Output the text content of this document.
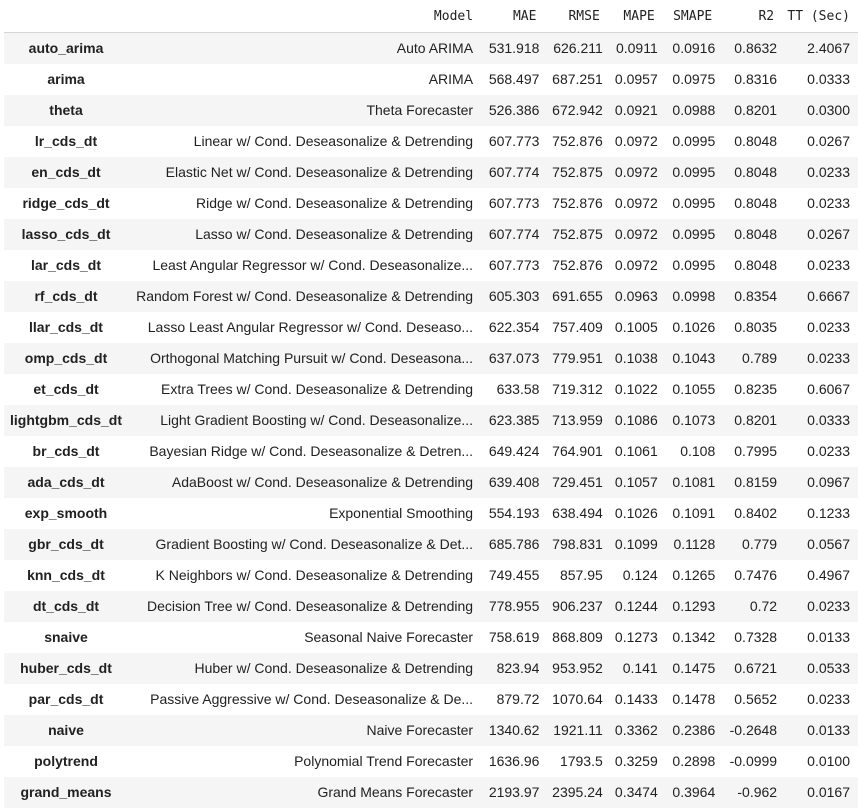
	Model	MAE	RMSE	MAPE	SMAPE	R2	TT (Sec)
auto_arima	Auto ARIMA	531.918	626.211	0.0911	0.0916	0.8632	2.4067
arima	ARIMA	568.497	687.251	0.0957	0.0975	0.8316	0.0333
theta	Theta Forecaster	526.386	672.942	0.0921	0.0988	0.8201	0.0300
lr_cds_dt	Linear w/ Cond. Deseasonalize & Detrending	607.773	752.876	0.0972	0.0995	0.8048	0.0267
en_cds_dt	Elastic Net w/ Cond. Deseasonalize & Detrending	607.774	752.875	0.0972	0.0995	0.8048	0.0233
ridge_cds_dt	Ridge w/ Cond. Deseasonalize & Detrending	607.773	752.876	0.0972	0.0995	0.8048	0.0233
lasso_cds_dt	Lasso w/ Cond. Deseasonalize & Detrending	607.774	752.875	0.0972	0.0995	0.8048	0.0267
lar_cds_dt	Least Angular Regressor w/ Cond. Deseasonalize...	607.773	752.876	0.0972	0.0995	0.8048	0.0233
rf_cds_dt	Random Forest w/ Cond. Deseasonalize & Detrending	605.303	691.655	0.0963	0.0998	0.8354	0.6667
llar_cds_dt	Lasso Least Angular Regressor w/ Cond. Deseaso...	622.354	757.409	0.1005	0.1026	0.8035	0.0233
omp_cds_dt	Orthogonal Matching Pursuit w/ Cond. Deseasona...	637.073	779.951	0.1038	0.1043	0.789	0.0233
et_cds_dt	Extra Trees w/ Cond. Deseasonalize & Detrending	633.58	719.312	0.1022	0.1055	0.8235	0.6067
lightgbm_cds_dt	Light Gradient Boosting w/ Cond. Deseasonalize...	623.385	713.959	0.1086	0.1073	0.8201	0.0333
br_cds_dt	Bayesian Ridge w/ Cond. Deseasonalize & Detren...	649.424	764.901	0.1061	0.108	0.7995	0.0233
ada_cds_dt	AdaBoost w/ Cond. Deseasonalize & Detrending	639.408	729.451	0.1057	0.1081	0.8159	0.0967
exp_smooth	Exponential Smoothing	554.193	638.494	0.1026	0.1091	0.8402	0.1233
gbr_cds_dt	Gradient Boosting w/ Cond. Deseasonalize & Det...	685.786	798.831	0.1099	0.1128	0.779	0.0567
knn_cds_dt	K Neighbors w/ Cond. Deseasonalize & Detrending	749.455	857.95	0.124	0.1265	0.7476	0.4967
dt_cds_dt	Decision Tree w/ Cond. Deseasonalize & Detrending	778.955	906.237	0.1244	0.1293	0.72	0.0233
snaive	Seasonal Naive Forecaster	758.619	868.809	0.1273	0.1342	0.7328	0.0133
huber_cds_dt	Huber w/ Cond. Deseasonalize & Detrending	823.94	953.952	0.141	0.1475	0.6721	0.0533
par_cds_dt	Passive Aggressive w/ Cond. Deseasonalize & De...	879.72	1070.64	0.1433	0.1478	0.5652	0.0233
naive	Naive Forecaster	1340.62	1921.11	0.3362	0.2386	-0.2648	0.0133
polytrend	Polynomial Trend Forecaster	1636.96	1793.5	0.3259	0.2898	-0.0999	0.0100
grand_means	Grand Means Forecaster	2193.97	2395.24	0.3474	0.3964	-0.962	0.0167
